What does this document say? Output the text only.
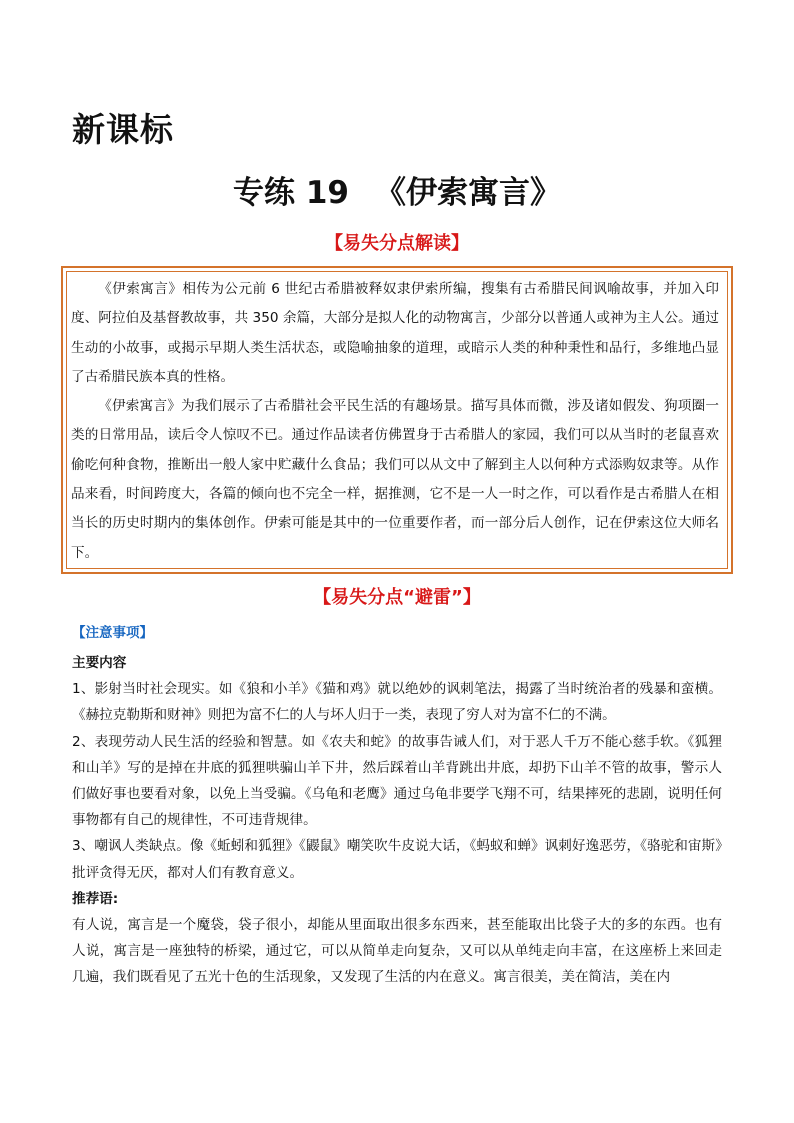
新课标
专练 19 《伊索寓言》
【易失分点解读】

《伊索寓言》相传为公元前 6 世纪古希腊被释奴隶伊索所编，搜集有古希腊民间讽喻故事，并加入印度、阿拉伯及基督教故事，共 350 余篇，大部分是拟人化的动物寓言，少部分以普通人或神为主人公。通过生动的小故事，或揭示早期人类生活状态，或隐喻抽象的道理，或暗示人类的种种秉性和品行，多维地凸显了古希腊民族本真的性格。

《伊索寓言》为我们展示了古希腊社会平民生活的有趣场景。描写具体而微，涉及诸如假发、狗项圈一类的日常用品，读后令人惊叹不已。通过作品读者仿佛置身于古希腊人的家园，我们可以从当时的老鼠喜欢偷吃何种食物，推断出一般人家中贮藏什么食品；我们可以从文中了解到主人以何种方式添购奴隶等。从作品来看，时间跨度大，各篇的倾向也不完全一样，据推测，它不是一人一时之作，可以看作是古希腊人在相当长的历史时期内的集体创作。伊索可能是其中的一位重要作者，而一部分后人创作，记在伊索这位大师名下。

【易失分点“避雷”】
【注意事项】

主要内容

1、影射当时社会现实。如《狼和小羊》《猫和鸡》就以绝妙的讽刺笔法，揭露了当时统治者的残暴和蛮横。《赫拉克勒斯和财神》则把为富不仁的人与坏人归于一类，表现了穷人对为富不仁的不满。

2、表现劳动人民生活的经验和智慧。如《农夫和蛇》的故事告诫人们，对于恶人千万不能心慈手软。《狐狸和山羊》写的是掉在井底的狐狸哄骗山羊下井，然后踩着山羊背跳出井底，却扔下山羊不管的故事，警示人们做好事也要看对象，以免上当受骗。《乌龟和老鹰》通过乌龟非要学飞翔不可，结果摔死的悲剧，说明任何事物都有自己的规律性，不可违背规律。

3、嘲讽人类缺点。像《蚯蚓和狐狸》《鼹鼠》嘲笑吹牛皮说大话，《蚂蚁和蝉》讽刺好逸恶劳，《骆驼和宙斯》批评贪得无厌，都对人们有教育意义。

推荐语:

有人说，寓言是一个魔袋，袋子很小，却能从里面取出很多东西来，甚至能取出比袋子大的多的东西。也有人说，寓言是一座独特的桥梁，通过它，可以从简单走向复杂，又可以从单纯走向丰富，在这座桥上来回走几遍，我们既看见了五光十色的生活现象，又发现了生活的内在意义。寓言很美，美在简洁，美在内
